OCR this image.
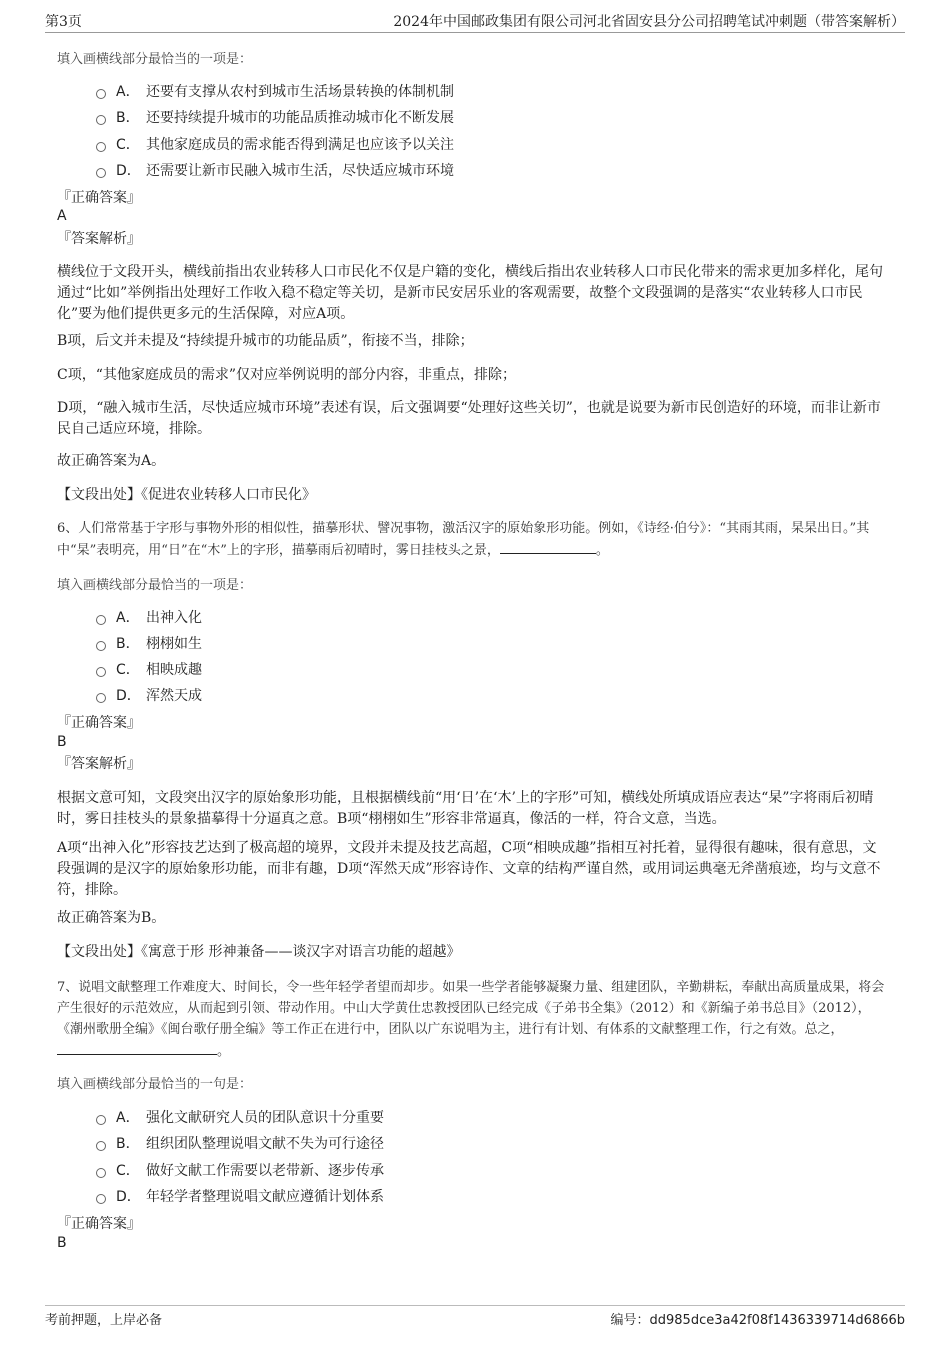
第3页	2024年中国邮政集团有限公司河北省固安县分公司招聘笔试冲刺题（带答案解析）
填入画横线部分最恰当的一项是：
A． 还要有支撑从农村到城市生活场景转换的体制机制
B． 还要持续提升城市的功能品质推动城市化不断发展
C． 其他家庭成员的需求能否得到满足也应该予以关注
D． 还需要让新市民融入城市生活，尽快适应城市环境
『正确答案』
A
『答案解析』
横线位于文段开头，横线前指出农业转移人口市民化不仅是户籍的变化，横线后指出农业转移人口市民化带来的需求更加多样化，尾句通过“比如”举例指出处理好工作收入稳不稳定等关切，是新市民安居乐业的客观需要，故整个文段强调的是落实“农业转移人口市民化”要为他们提供更多元的生活保障，对应A项。
B项，后文并未提及“持续提升城市的功能品质”，衔接不当，排除；
C项，“其他家庭成员的需求”仅对应举例说明的部分内容，非重点，排除；
D项，“融入城市生活，尽快适应城市环境”表述有误，后文强调要“处理好这些关切”，也就是说要为新市民创造好的环境，而非让新市民自己适应环境，排除。
故正确答案为A。
【文段出处】《促进农业转移人口市民化》
6、人们常常基于字形与事物外形的相似性，描摹形状、譬况事物，激活汉字的原始象形功能。例如，《诗经·伯兮》：“其雨其雨，杲杲出日。”其中“杲”表明亮，用“日”在“木”上的字形，描摹雨后初晴时，雾日挂枝头之景，	。
填入画横线部分最恰当的一项是：
A． 出神入化
B． 栩栩如生
C． 相映成趣
D． 浑然天成
『正确答案』
B
『答案解析』
根据文意可知，文段突出汉字的原始象形功能，且根据横线前“用‘日’在‘木’上的字形”可知，横线处所填成语应表达“杲”字将雨后初晴时，雾日挂枝头的景象描摹得十分逼真之意。B项“栩栩如生”形容非常逼真，像活的一样，符合文意，当选。
A项“出神入化”形容技艺达到了极高超的境界，文段并未提及技艺高超，C项“相映成趣”指相互衬托着，显得很有趣味，很有意思，文段强调的是汉字的原始象形功能，而非有趣，D项“浑然天成”形容诗作、文章的结构严谨自然，或用词运典毫无斧凿痕迹，均与文意不符，排除。
故正确答案为B。
【文段出处】《寓意于形 形神兼备——谈汉字对语言功能的超越》
7、说唱文献整理工作难度大、时间长，令一些年轻学者望而却步。如果一些学者能够凝聚力量、组建团队，辛勤耕耘，奉献出高质量成果，将会产生很好的示范效应，从而起到引领、带动作用。中山大学黄仕忠教授团队已经完成《子弟书全集》（2012）和《新编子弟书总目》（2012），《潮州歌册全编》《闽台歌仔册全编》等工作正在进行中，团队以广东说唱为主，进行有计划、有体系的文献整理工作，行之有效。总之，。
填入画横线部分最恰当的一句是：
A． 强化文献研究人员的团队意识十分重要
B． 组织团队整理说唱文献不失为可行途径
C． 做好文献工作需要以老带新、逐步传承
D． 年轻学者整理说唱文献应遵循计划体系
『正确答案』
B
考前押题，上岸必备	编号：dd985dce3a42f08f1436339714d6866b
